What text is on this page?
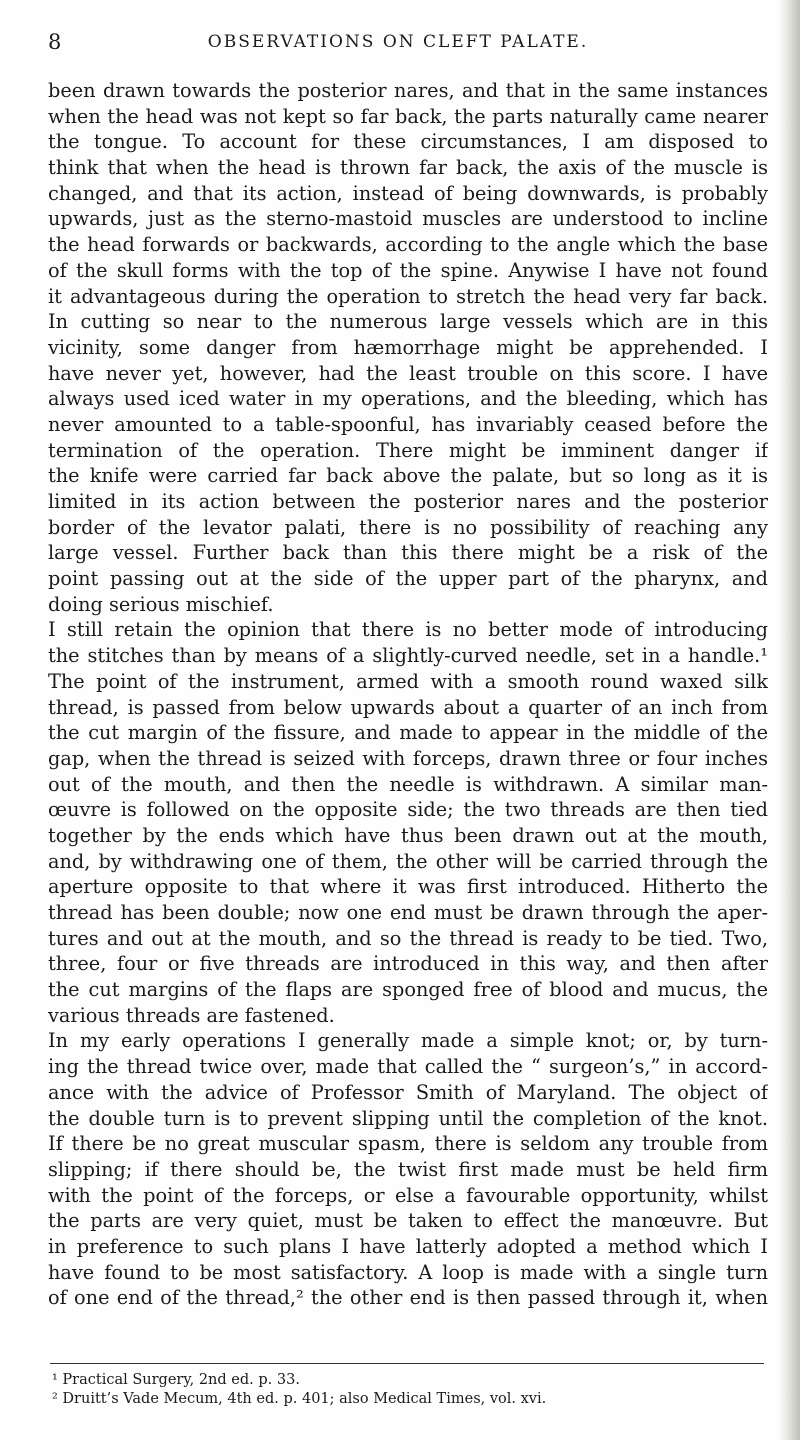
8	OBSERVATIONS ON CLEFT PALATE.
been drawn towards the posterior nares, and that in the same instances
when the head was not kept so far back, the parts naturally came nearer
the tongue. To account for these circumstances, I am disposed to
think that when the head is thrown far back, the axis of the muscle is
changed, and that its action, instead of being downwards, is probably
upwards, just as the sterno-mastoid muscles are understood to incline
the head forwards or backwards, according to the angle which the base
of the skull forms with the top of the spine. Anywise I have not found
it advantageous during the operation to stretch the head very far back.
In cutting so near to the numerous large vessels which are in this
vicinity, some danger from hæmorrhage might be apprehended. I
have never yet, however, had the least trouble on this score. I have
always used iced water in my operations, and the bleeding, which has
never amounted to a table-spoonful, has invariably ceased before the
termination of the operation. There might be imminent danger if
the knife were carried far back above the palate, but so long as it is
limited in its action between the posterior nares and the posterior
border of the levator palati, there is no possibility of reaching any
large vessel. Further back than this there might be a risk of the
point passing out at the side of the upper part of the pharynx, and
doing serious mischief.
I still retain the opinion that there is no better mode of introducing
the stitches than by means of a slightly-curved needle, set in a handle.¹
The point of the instrument, armed with a smooth round waxed silk
thread, is passed from below upwards about a quarter of an inch from
the cut margin of the fissure, and made to appear in the middle of the
gap, when the thread is seized with forceps, drawn three or four inches
out of the mouth, and then the needle is withdrawn. A similar man-
œuvre is followed on the opposite side; the two threads are then tied
together by the ends which have thus been drawn out at the mouth,
and, by withdrawing one of them, the other will be carried through the
aperture opposite to that where it was first introduced. Hitherto the
thread has been double; now one end must be drawn through the aper-
tures and out at the mouth, and so the thread is ready to be tied. Two,
three, four or five threads are introduced in this way, and then after
the cut margins of the flaps are sponged free of blood and mucus, the
various threads are fastened.
In my early operations I generally made a simple knot; or, by turn-
ing the thread twice over, made that called the “ surgeon’s,” in accord-
ance with the advice of Professor Smith of Maryland. The object of
the double turn is to prevent slipping until the completion of the knot.
If there be no great muscular spasm, there is seldom any trouble from
slipping; if there should be, the twist first made must be held firm
with the point of the forceps, or else a favourable opportunity, whilst
the parts are very quiet, must be taken to effect the manœuvre. But
in preference to such plans I have latterly adopted a method which I
have found to be most satisfactory. A loop is made with a single turn
of one end of the thread,² the other end is then passed through it, when
¹ Practical Surgery, 2nd ed. p. 33.
² Druitt’s Vade Mecum, 4th ed. p. 401; also Medical Times, vol. xvi.
